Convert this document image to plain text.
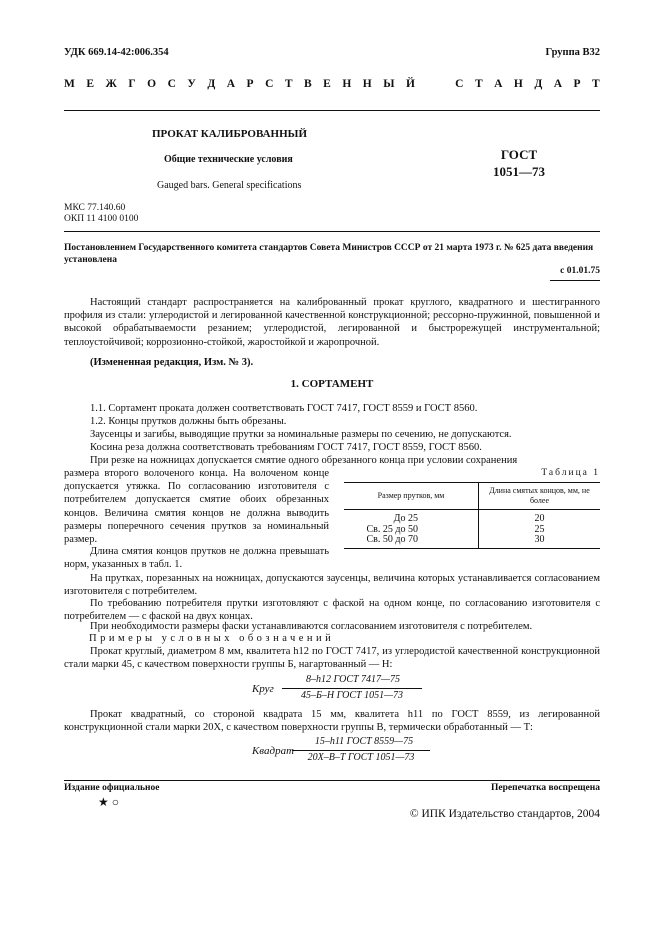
УДК 669.14-42:006.354	Группа В32
М Е Ж Г О С У Д А Р С Т В Е Н Н Ы Й

	С Т А Н Д А Р Т
ПРОКАТ КАЛИБРОВАННЫЙ
Общие технические условия
Gauged bars. General specifications
ГОСТ
1051—73
МКС 77.140.60
ОКП 11 4100 0100
Постановлением Государственного комитета стандартов Совета Министров СССР от 21 марта 1973 г. № 625 дата введения установлена
с 01.01.75
Настоящий стандарт распространяется на калиброванный прокат круглого, квадратного и шестигранного профиля из стали: углеродистой и легированной качественной конструкционной; рессорно-пружинной, повышенной и высокой обрабатываемости резанием; углеродистой, легированной и быстрорежущей инструментальной; теплоустойчивой; коррозионно-стойкой, жаростойкой и жаропрочной.
(Измененная редакция, Изм. № 3).
1. СОРТАМЕНТ
1.1. Сортамент проката должен соответствовать ГОСТ 7417, ГОСТ 8559 и ГОСТ 8560.
1.2. Концы прутков должны быть обрезаны.
Заусенцы и загибы, выводящие прутки за номинальные размеры по сечению, не допускаются.
Косина реза должна соответствовать требованиям ГОСТ 7417, ГОСТ 8559, ГОСТ 8560.
При резке на ножницах допускается смятие одного обрезанного конца при условии сохранения
размера второго волоченого конца. На волоченом конце допускается утяжка. По согласованию изготовителя с потребителем допускается смятие обоих обрезанных концов. Величина смятия концов не должна выводить размеры поперечного сечения прутков за номинальный размер.
Длина смятия концов прутков не должна превышать норм, указанных в табл. 1.
Таблица 1
Размер прутков, мм	Длина смятых концов, мм, не более
До 25	20
Св. 25 до 50	25
Св. 50 до 70	30
На прутках, порезанных на ножницах, допускаются заусенцы, величина которых устанавливается согласованием изготовителя с потребителем.
По требованию потребителя прутки изготовляют с фаской на одном конце, по согласованию изготовителя с потребителем — с фаской на двух концах.
При необходимости размеры фаски устанавливаются согласованием изготовителя с потребителем.
Примеры условных обозначений
Прокат круглый, диаметром 8 мм, квалитета h12 по ГОСТ 7417, из углеродистой качественной конструкционной стали марки 45, с качеством поверхности группы Б, нагартованный — Н:
Круг
8–h12 ГОСТ 7417—75
45–Б–Н ГОСТ 1051—73
Прокат квадратный, со стороной квадрата 15 мм, квалитета h11 по ГОСТ 8559, из легированной конструкционной стали марки 20Х, с качеством поверхности группы В, термически обработанный — Т:
Квадрат
15–h11 ГОСТ 8559—75
20Х–В–Т ГОСТ 1051—73
Издание официальное	Перепечатка воспрещена
★ ○
© ИПК Издательство стандартов, 2004
